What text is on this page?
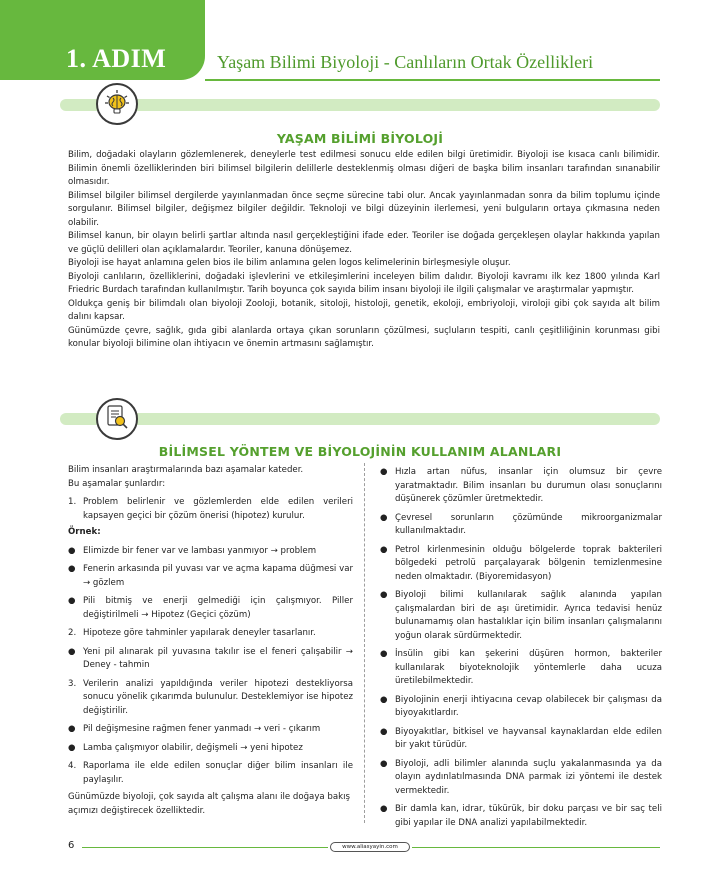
1. ADIM	Yaşam Bilimi Biyoloji - Canlıların Ortak Özellikleri
YAŞAM BİLİMİ BİYOLOJİ

Bilim, doğadaki olayların gözlemlenerek, deneylerle test edilmesi sonucu elde edilen bilgi üretimidir. Biyoloji ise kısaca canlı bilimidir. Bilimin önemli özelliklerinden biri bilimsel bilgilerin delillerle desteklenmiş olması diğeri de başka bilim insanları tarafından sınanabilir olmasıdır.

Bilimsel bilgiler bilimsel dergilerde yayınlanmadan önce seçme sürecine tabi olur. Ancak yayınlanmadan sonra da bilim toplumu içinde sorgulanır. Bilimsel bilgiler, değişmez bilgiler değildir. Teknoloji ve bilgi düzeyinin ilerlemesi, yeni bulguların ortaya çıkmasına neden olabilir.

Bilimsel kanun, bir olayın belirli şartlar altında nasıl gerçekleştiğini ifade eder. Teoriler ise doğada gerçekleşen olaylar hakkında yapılan ve güçlü delilleri olan açıklamalardır. Teoriler, kanuna dönüşemez.

Biyoloji ise hayat anlamına gelen bios ile bilim anlamına gelen logos kelimelerinin birleşmesiyle oluşur.

Biyoloji canlıların, özelliklerini, doğadaki işlevlerini ve etkileşimlerini inceleyen bilim dalıdır. Biyoloji kavramı ilk kez 1800 yılında Karl Friedric Burdach tarafından kullanılmıştır. Tarih boyunca çok sayıda bilim insanı biyoloji ile ilgili çalışmalar ve araştırmalar yapmıştır.

Oldukça geniş bir bilimdalı olan biyoloji Zooloji, botanik, sitoloji, histoloji, genetik, ekoloji, embriyoloji, viroloji gibi çok sayıda alt bilim dalını kapsar.

Günümüzde çevre, sağlık, gıda gibi alanlarda ortaya çıkan sorunların çözülmesi, suçluların tespiti, canlı çeşitliliğinin korunması gibi konular biyoloji bilimine olan ihtiyacın ve önemin artmasını sağlamıştır.

BİLİMSEL YÖNTEM VE BİYOLOJİNİN KULLANIM ALANLARI

Bilim insanları araştırmalarında bazı aşamalar kateder.

Bu aşamalar şunlardır:

1. Problem belirlenir ve gözlemlerden elde edilen verileri kapsayen geçici bir çözüm önerisi (hipotez) kurulur.

Örnek:

● Elimizde bir fener var ve lambası yanmıyor → problem
● Fenerin arkasında pil yuvası var ve açma kapama düğmesi var → gözlem
● Pili bitmiş ve enerji gelmediği için çalışmıyor. Piller değiştirilmeli → Hipotez (Geçici çözüm)
2. Hipoteze göre tahminler yapılarak deneyler tasarlanır.
● Yeni pil alınarak pil yuvasına takılır ise el feneri çalışabilir → Deney - tahmin
3. Verilerin analizi yapıldığında veriler hipotezi destekliyorsa sonucu yönelik çıkarımda bulunulur. Desteklemiyor ise hipotez değiştirilir.
● Pil değişmesine rağmen fener yanmadı → veri - çıkarım
● Lamba çalışmıyor olabilir, değişmeli → yeni hipotez
4. Raporlama ile elde edilen sonuçlar diğer bilim insanları ile paylaşılır.

Günümüzde biyoloji, çok sayıda alt çalışma alanı ile doğaya bakış açımızı değiştirecek özelliktedir.

● Hızla artan nüfus, insanlar için olumsuz bir çevre yaratmaktadır. Bilim insanları bu durumun olası sonuçlarını düşünerek çözümler üretmektedir.
● Çevresel sorunların çözümünde mikroorganizmalar kullanılmaktadır.
● Petrol kirlenmesinin olduğu bölgelerde toprak bakterileri bölgedeki petrolü parçalayarak bölgenin temizlenmesine neden olmaktadır. (Biyoremidasyon)
● Biyoloji bilimi kullanılarak sağlık alanında yapılan çalışmalardan biri de aşı üretimidir. Ayrıca tedavisi henüz bulunamamış olan hastalıklar için bilim insanları çalışmalarını yoğun olarak sürdürmektedir.
● İnsülin gibi kan şekerini düşüren hormon, bakteriler kullanılarak biyoteknolojik yöntemlerle daha ucuza üretilebilmektedir.
● Biyolojinin enerji ihtiyacına cevap olabilecek bir çalışması da biyoyakıtlardır.
● Biyoyakıtlar, bitkisel ve hayvansal kaynaklardan elde edilen bir yakıt türüdür.
● Biyoloji, adli bilimler alanında suçlu yakalanmasında ya da olayın aydınlatılmasında DNA parmak izi yöntemi ile destek vermektedir.
● Bir damla kan, idrar, tükürük, bir doku parçası ve bir saç teli gibi yapılar ile DNA analizi yapılabilmektedir.
6	www.aliasyayin.com
